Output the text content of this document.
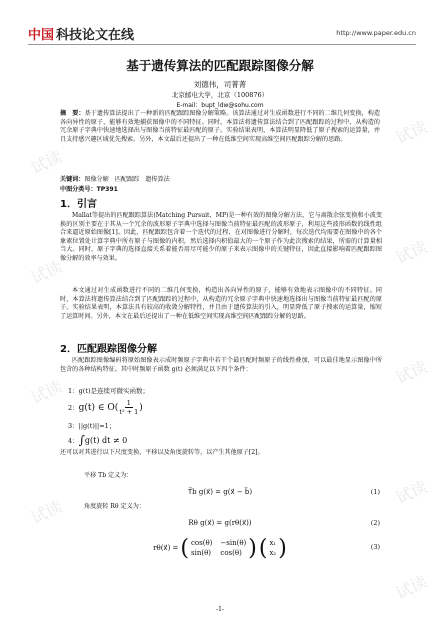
试读
试读
试读
试读
试读
试读
试读
试读
试读
中国 科技论文在线	http://www.paper.edu.cn
基于遗传算法的匹配跟踪图像分解
刘德伟，司菁菁
北京邮电大学，北京（100876）
E-mail：bupt_ldw@sohu.com
摘　要：基于遗传算法提出了一种新的匹配跟踪图像分解策略。该算法通过对生成函数进行不同的二维几何变换，构造各向异性的原子，能够有效地捕获图像中的不同特征。同时，本算法将遗传算法结合到了匹配跟踪的过程中，从构造的冗余原子字典中快速地选择出与图像当前特征最匹配的原子。实验结果表明，本算法明显降低了原子搜索的运算量，并且支持感兴趣区域优先搜索。另外，本文最后还提出了一种在低维空间实现高维空间匹配跟踪分解的思路。
关键词：图像分解　匹配跟踪　遗传算法
中图分类号：TP391
1．引言
Mallat等提出的匹配跟踪算法(Matching Pursuit，MP)是一种有效的图像分解方法，它与离散余弦变换和小波变换的区别主要在于其从一个冗余的波形原子字典中选择与图像当前特征最匹配的波形原子，利用这些波形函数的线性组合来逼近原始图像[1]。因此，匹配跟踪包含着一个迭代的过程，在对图像进行分解时，每次迭代均需要在图像中的各个象素位置处计算字典中所有原子与图像的内积，然后选择内积值最大的一个原子作为此次搜索的结果，所需的计算量相当大。同时，原子字典的选择直接关系着能否用尽可能少的原子来表示图像中的关键特征，因此直接影响着匹配跟踪图像分解的效率与效果。
本文通过对生成函数进行不同的二维几何变换，构造出各向异性的原子，能够有效地表示图像中的不同特征。同时，本算法将遗传算法结合到了匹配跟踪的过程中，从构造的冗余原子字典中快速地选择出与图像当前特征最匹配的原子。实验结果表明，本算法具有较高的收敛分解特性，并且由于遗传算法的引入，明显降低了原子搜索的运算量，缩短了运算时间。另外，本文在最后还提出了一种在低维空间实现高维空间匹配跟踪分解的思路。
2．匹配跟踪图像分解
匹配跟踪图像编码将原始图像表示成时频原子字典中若干个最匹配时频原子的线性叠加，可以最佳地显示图像中所包含的各种结构特征。其中时频原子函数 g(t) 必须满足以下四个条件：
1：g(t)是连续可微实函数；
2： g(t) ∈ $O( \frac{1}{\text{t² + 1}}$ )
3：||g(t)||=1；
4： ∫ g(t) dt ≠ 0
还可以对其进行以下尺度变换、平移以及角度旋转等，以产生其他原子[2]。
平移 Tb 定义为：
T⃗b g(x⃗) = g(x⃗ − b⃗)	(1)
角度旋转 Rθ 定义为：
Rθ g(x⃗) = g(rθ(x⃗))	(2)
rθ(x⃗) = ( cos(θ) −sin(θ)
sin(θ) cos(θ) ) ( x₁
x₂ )	(3)
-1-
